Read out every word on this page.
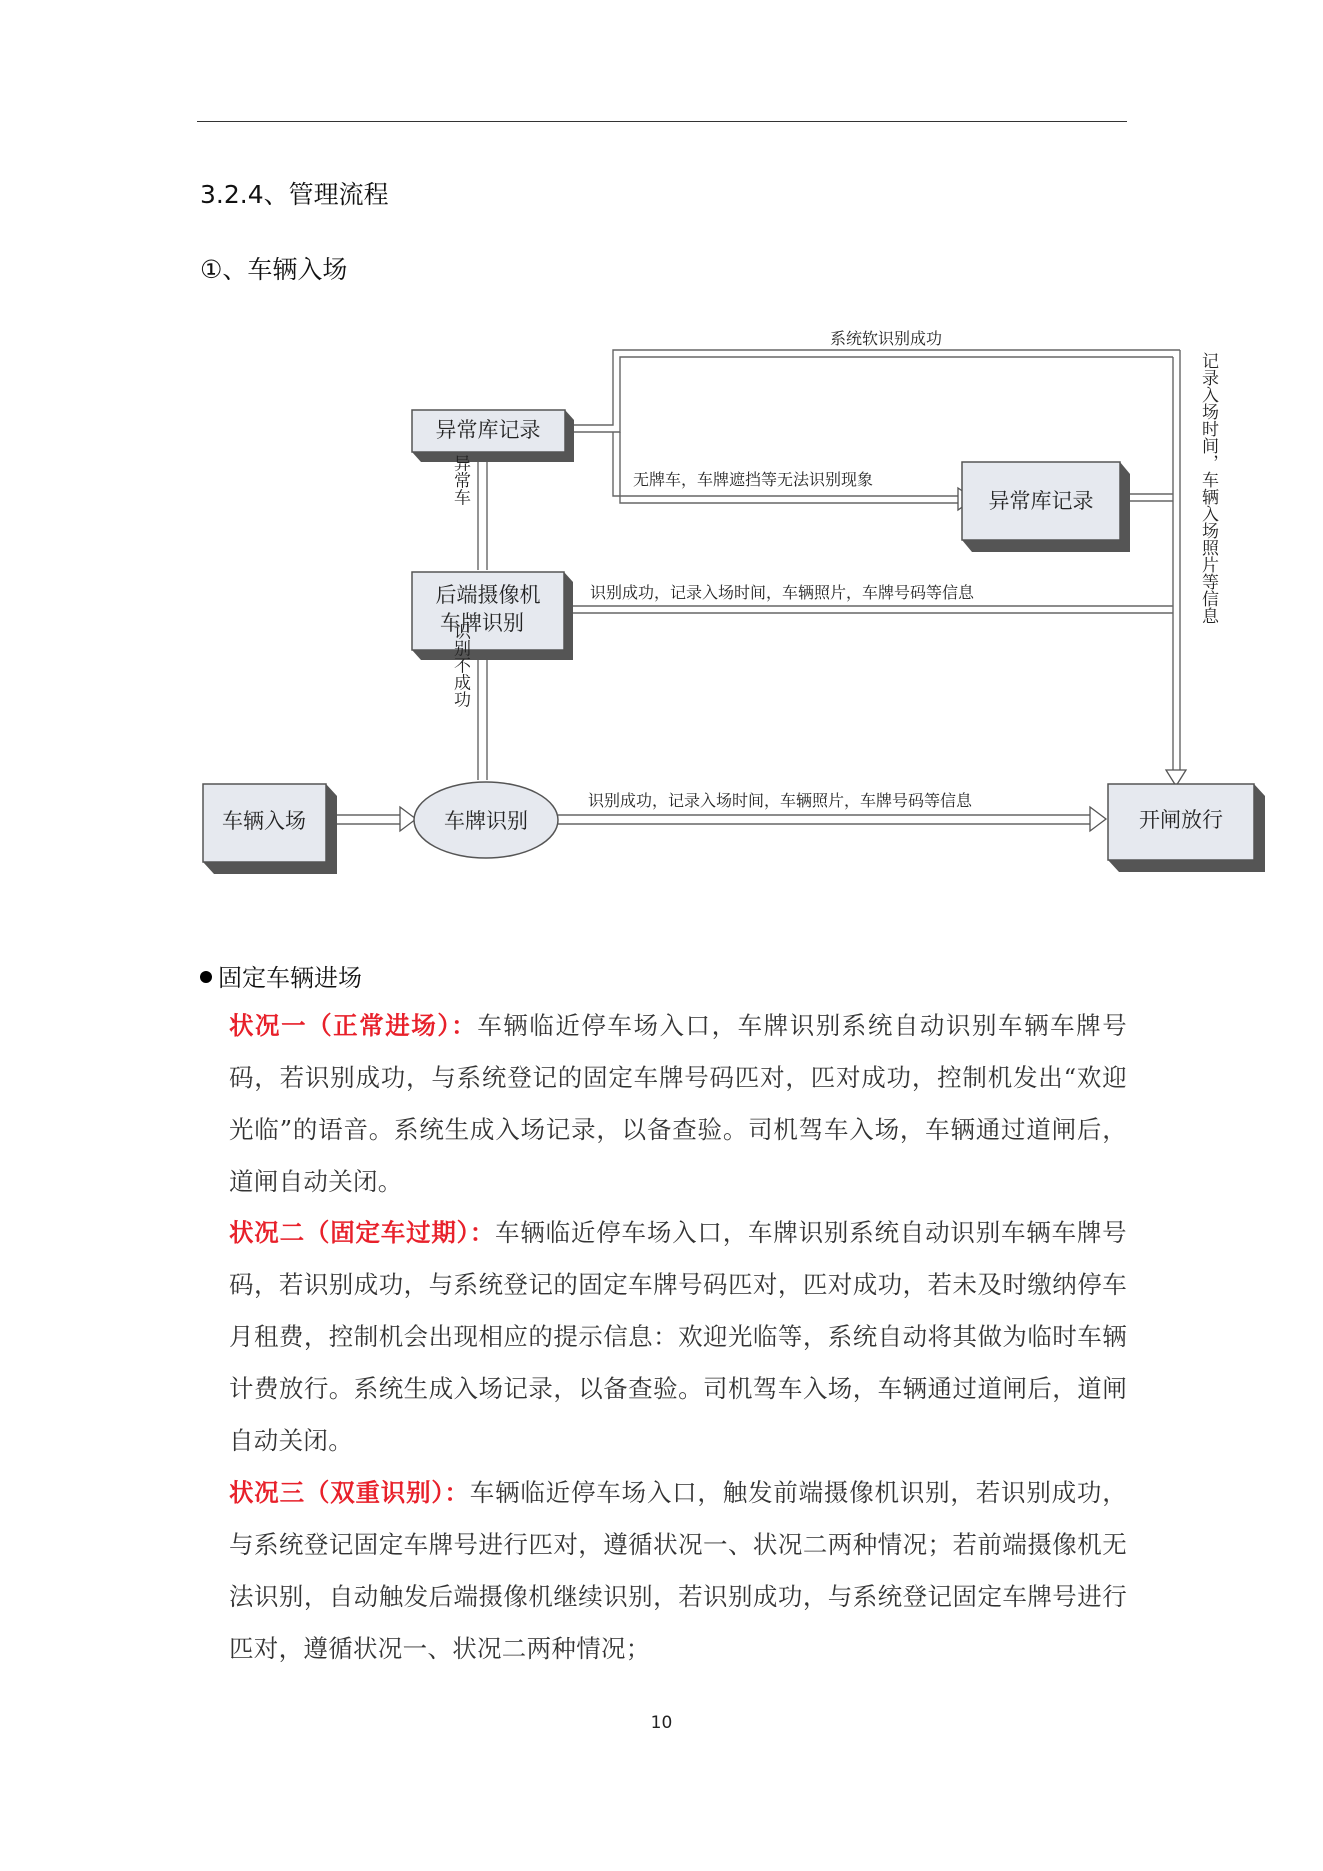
3.2.4、管理流程
①、车辆入场
异常库记录
异常库记录
后端摄像机
车牌识别
车辆入场	车牌识别	开闸放行
系统软识别成功
无牌车，车牌遮挡等无法识别现象
识别成功，记录入场时间，车辆照片，车牌号码等信息
识别成功，记录入场时间，车辆照片，车牌号码等信息
异常车
识别不成功
记录入场时间，车辆入场照片等信息
固定车辆进场
状况一（正常进场）：车辆临近停车场入口，车牌识别系统自动识别车辆车牌号码，若识别成功，与系统登记的固定车牌号码匹对，匹对成功，控制机发出“欢迎光临”的语音。系统生成入场记录，以备查验。司机驾车入场，车辆通过道闸后，道闸自动关闭。
状况二（固定车过期）：车辆临近停车场入口，车牌识别系统自动识别车辆车牌号码，若识别成功，与系统登记的固定车牌号码匹对，匹对成功，若未及时缴纳停车月租费，控制机会出现相应的提示信息：欢迎光临等，系统自动将其做为临时车辆计费放行。系统生成入场记录，以备查验。司机驾车入场，车辆通过道闸后，道闸自动关闭。
状况三（双重识别）：车辆临近停车场入口，触发前端摄像机识别，若识别成功，与系统登记固定车牌号进行匹对，遵循状况一、状况二两种情况；若前端摄像机无法识别，自动触发后端摄像机继续识别，若识别成功，与系统登记固定车牌号进行匹对，遵循状况一、状况二两种情况；
10
